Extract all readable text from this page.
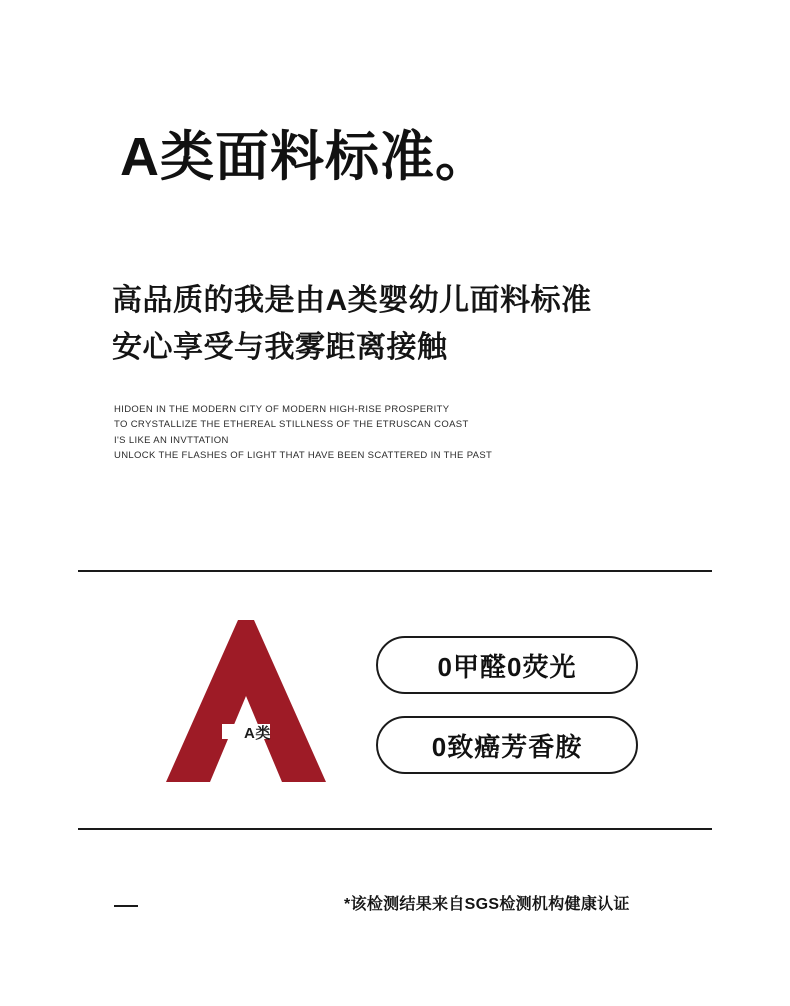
A类面料标准。
高品质的我是由A类婴幼儿面料标准
安心享受与我雾距离接触
HIDOEN IN THE MODERN CITY OF MODERN HIGH-RISE PROSPERITY
TO CRYSTALLIZE THE ETHEREAL STILLNESS OF THE ETRUSCAN COAST
I'S LIKE AN INVTTATION
UNLOCK THE FLASHES OF LIGHT THAT HAVE BEEN SCATTERED IN THE PAST
A类
0甲醛0荧光
0致癌芳香胺
*该检测结果来自SGS检测机构健康认证
